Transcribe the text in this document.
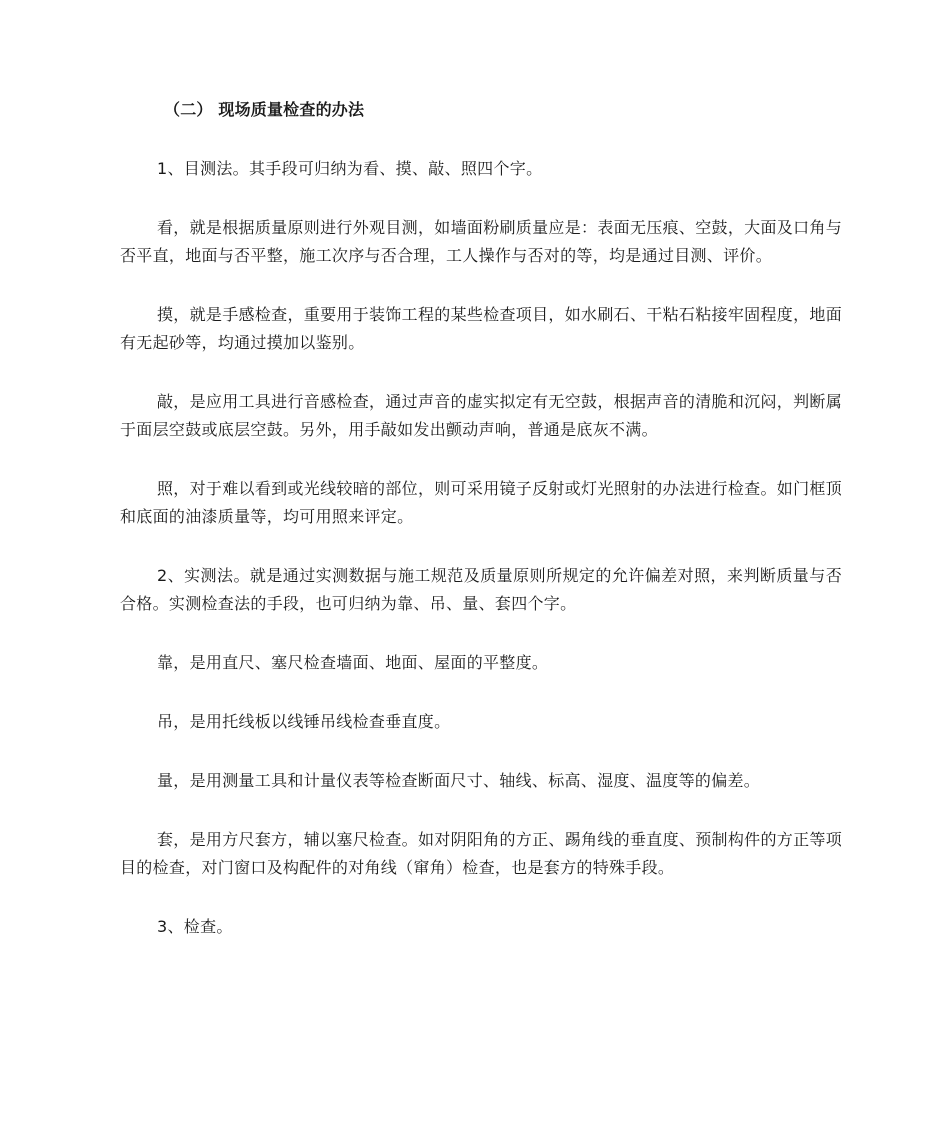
（二） 现场质量检查的办法

1、目测法。其手段可归纳为看、摸、敲、照四个字。

看，就是根据质量原则进行外观目测，如墙面粉刷质量应是：表面无压痕、空鼓，大面及口角与否平直，地面与否平整，施工次序与否合理，工人操作与否对的等，均是通过目测、评价。

摸，就是手感检查，重要用于装饰工程的某些检查项目，如水刷石、干粘石粘接牢固程度，地面有无起砂等，均通过摸加以鉴别。

敲，是应用工具进行音感检查，通过声音的虚实拟定有无空鼓，根据声音的清脆和沉闷，判断属于面层空鼓或底层空鼓。另外，用手敲如发出颤动声响，普通是底灰不满。

照，对于难以看到或光线较暗的部位，则可采用镜子反射或灯光照射的办法进行检查。如门框顶和底面的油漆质量等，均可用照来评定。

2、实测法。就是通过实测数据与施工规范及质量原则所规定的允许偏差对照，来判断质量与否合格。实测检查法的手段，也可归纳为靠、吊、量、套四个字。

靠，是用直尺、塞尺检查墙面、地面、屋面的平整度。

吊，是用托线板以线锤吊线检查垂直度。

量，是用测量工具和计量仪表等检查断面尺寸、轴线、标高、湿度、温度等的偏差。

套，是用方尺套方，辅以塞尺检查。如对阴阳角的方正、踢角线的垂直度、预制构件的方正等项目的检查，对门窗口及构配件的对角线（窜角）检查，也是套方的特殊手段。

3、检查。
